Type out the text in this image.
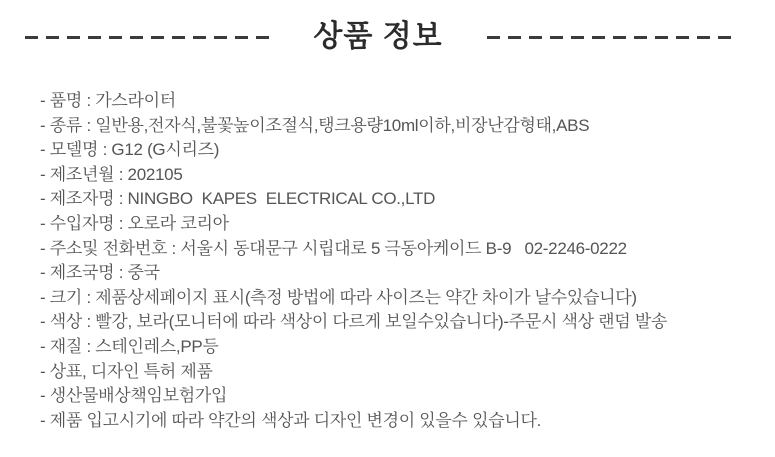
상품 정보
- 품명 : 가스라이터
- 종류 : 일반용,전자식,불꽃높이조절식,탱크용량10ml이하,비장난감형태,ABS
- 모델명 : G12 (G시리즈)
- 제조년월 : 202105
- 제조자명 : NINGBO  KAPES  ELECTRICAL CO.,LTD
- 수입자명 : 오로라 코리아
- 주소및 전화번호 : 서울시 동대문구 시립대로 5 극동아케이드 B-9   02-2246-0222
- 제조국명 : 중국
- 크기 : 제품상세페이지 표시(측정 방법에 따라 사이즈는 약간 차이가 날수있습니다)
- 색상 : 빨강, 보라(모니터에 따라 색상이 다르게 보일수있습니다)-주문시 색상 랜덤 발송
- 재질 : 스테인레스,PP등
- 상표, 디자인 특허 제품
- 생산물배상책임보험가입
- 제품 입고시기에 따라 약간의 색상과 디자인 변경이 있을수 있습니다.
